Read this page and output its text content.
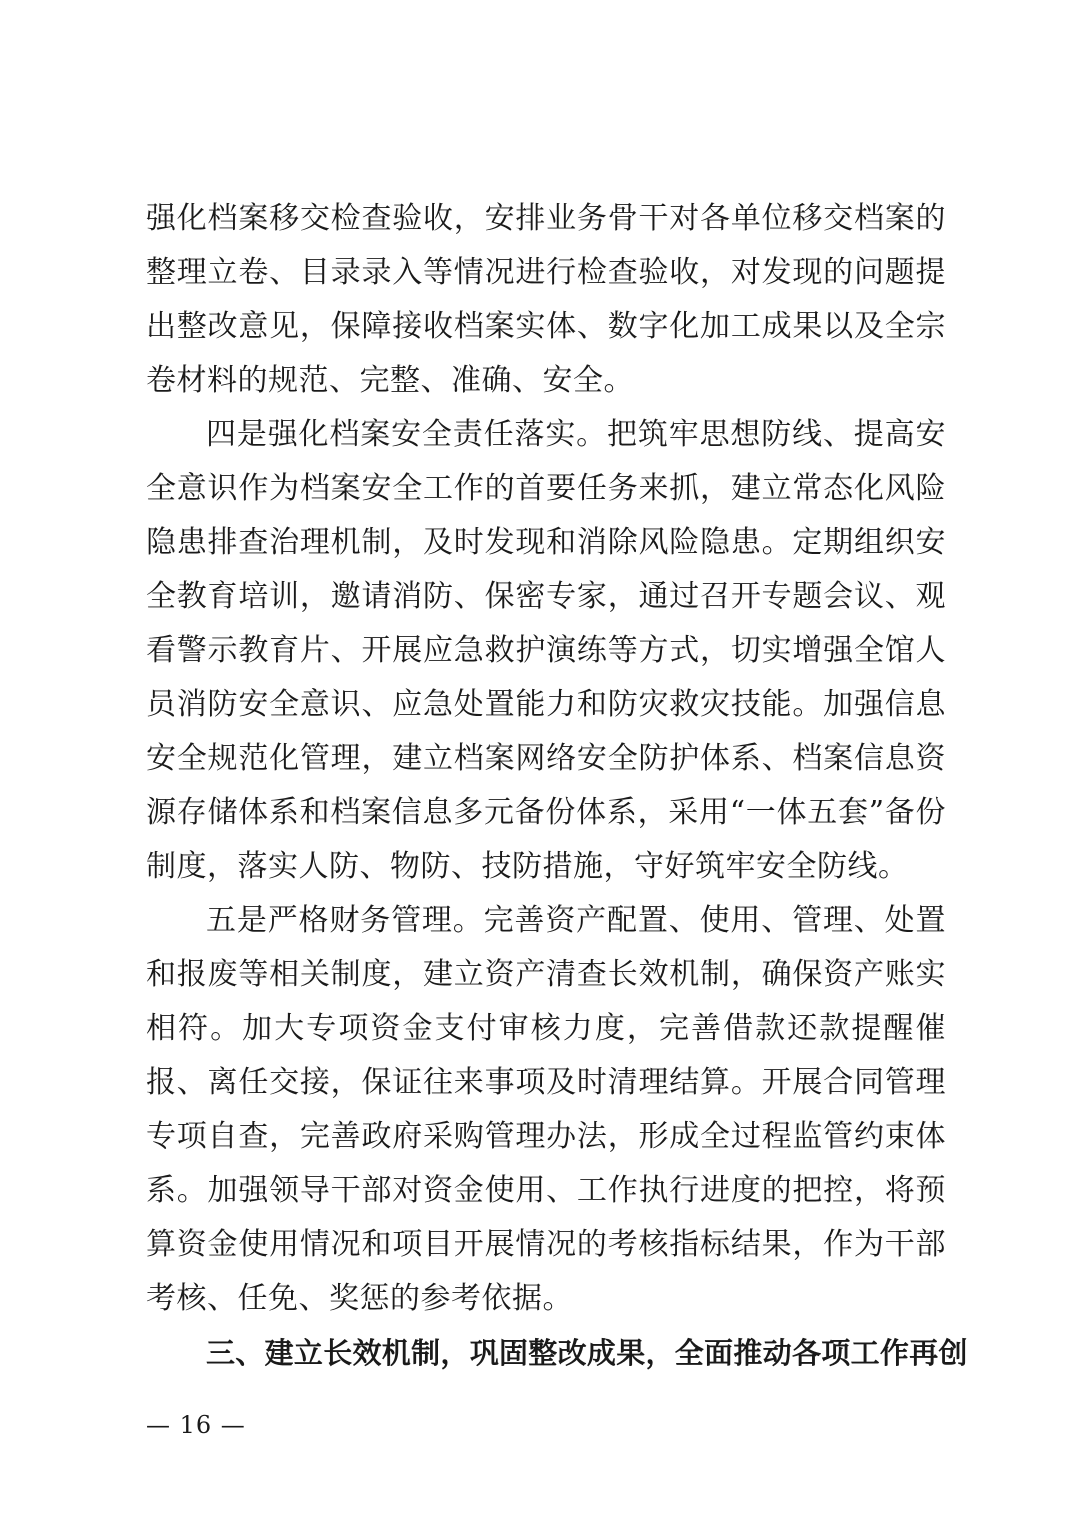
强化档案移交检查验收，安排业务骨干对各单位移交档案的整理立卷、目录录入等情况进行检查验收，对发现的问题提出整改意见，保障接收档案实体、数字化加工成果以及全宗卷材料的规范、完整、准确、安全。

四是强化档案安全责任落实。把筑牢思想防线、提高安全意识作为档案安全工作的首要任务来抓，建立常态化风险隐患排查治理机制，及时发现和消除风险隐患。定期组织安全教育培训，邀请消防、保密专家，通过召开专题会议、观看警示教育片、开展应急救护演练等方式，切实增强全馆人员消防安全意识、应急处置能力和防灾救灾技能。加强信息安全规范化管理，建立档案网络安全防护体系、档案信息资源存储体系和档案信息多元备份体系，采用“一体五套”备份制度，落实人防、物防、技防措施，守好筑牢安全防线。

五是严格财务管理。完善资产配置、使用、管理、处置和报废等相关制度，建立资产清查长效机制，确保资产账实相符。加大专项资金支付审核力度，完善借款还款提醒催报、离任交接，保证往来事项及时清理结算。开展合同管理专项自查，完善政府采购管理办法，形成全过程监管约束体系。加强领导干部对资金使用、工作执行进度的把控，将预算资金使用情况和项目开展情况的考核指标结果，作为干部考核、任免、奖惩的参考依据。

三、建立长效机制，巩固整改成果，全面推动各项工作再创

— 16 —
